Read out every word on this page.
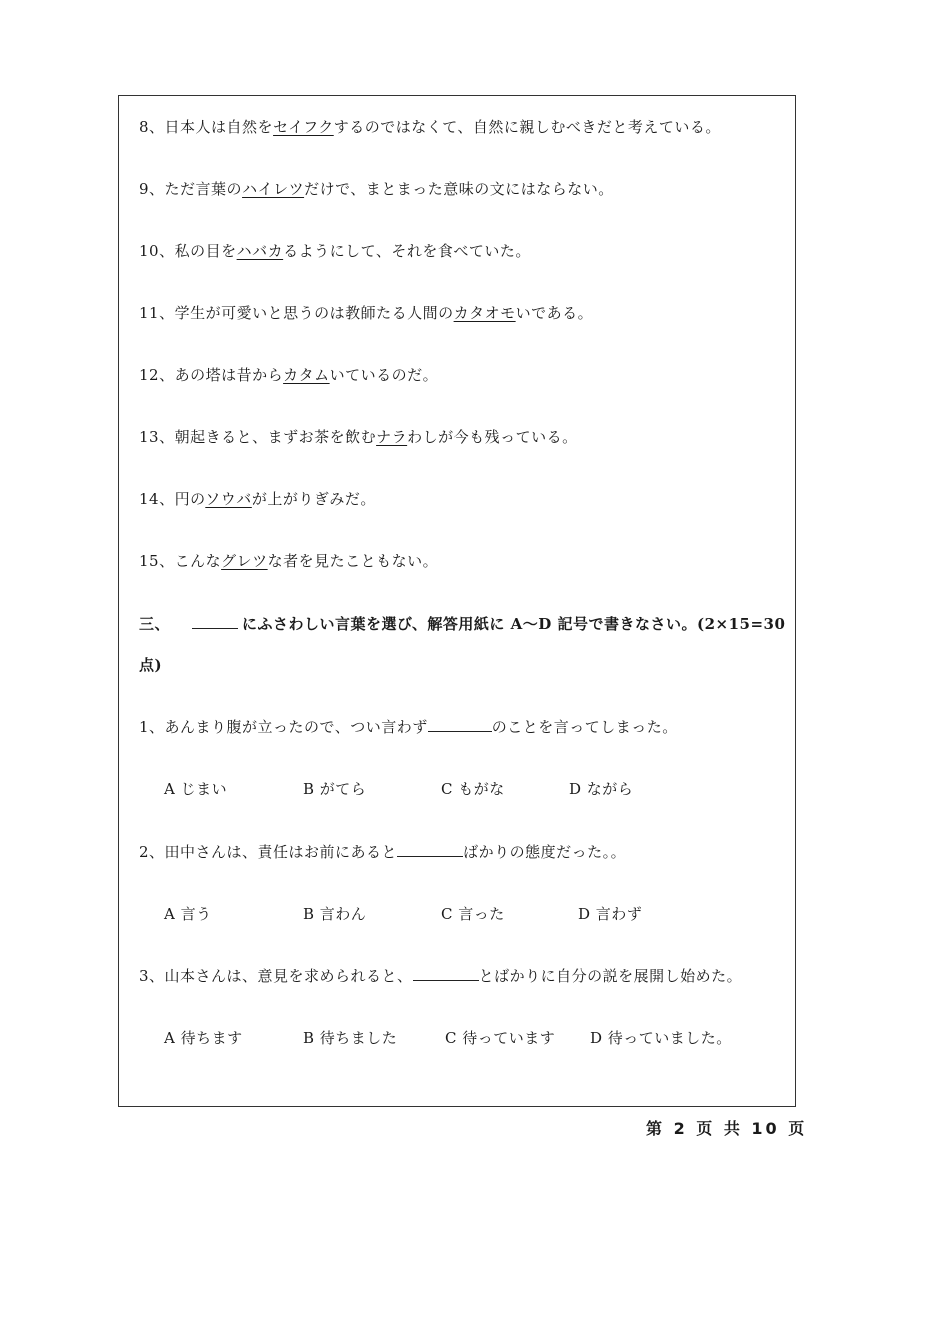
8、日本人は自然をセイフクするのではなくて、自然に親しむべきだと考えている。
9、ただ言葉のハイレツだけで、まとまった意味の文にはならない。
10、私の目をハバカるようにして、それを食べていた。
11、学生が可愛いと思うのは教師たる人間のカタオモいである。
12、あの塔は昔からカタムいているのだ。
13、朝起きると、まずお茶を飲むナラわしが今も残っている。
14、円のソウバが上がりぎみだ。
15、こんなグレツな者を見たこともない。
三、	にふさわしい言葉を選び、解答用紙に A～D 記号で書きなさい。(2×15=30
点)
1、あんまり腹が立ったので、つい言わず	のことを言ってしまった。
A じまい	B がてら	C もがな	D ながら
2、田中さんは、責任はお前にあると	ばかりの態度だった。。
A 言う	B 言わん	C 言った	D 言わず
3、山本さんは、意見を求められると、	とばかりに自分の説を展開し始めた。
A 待ちます	B 待ちました	C 待っています D 待っていました。
第 2 页 共 10 页
